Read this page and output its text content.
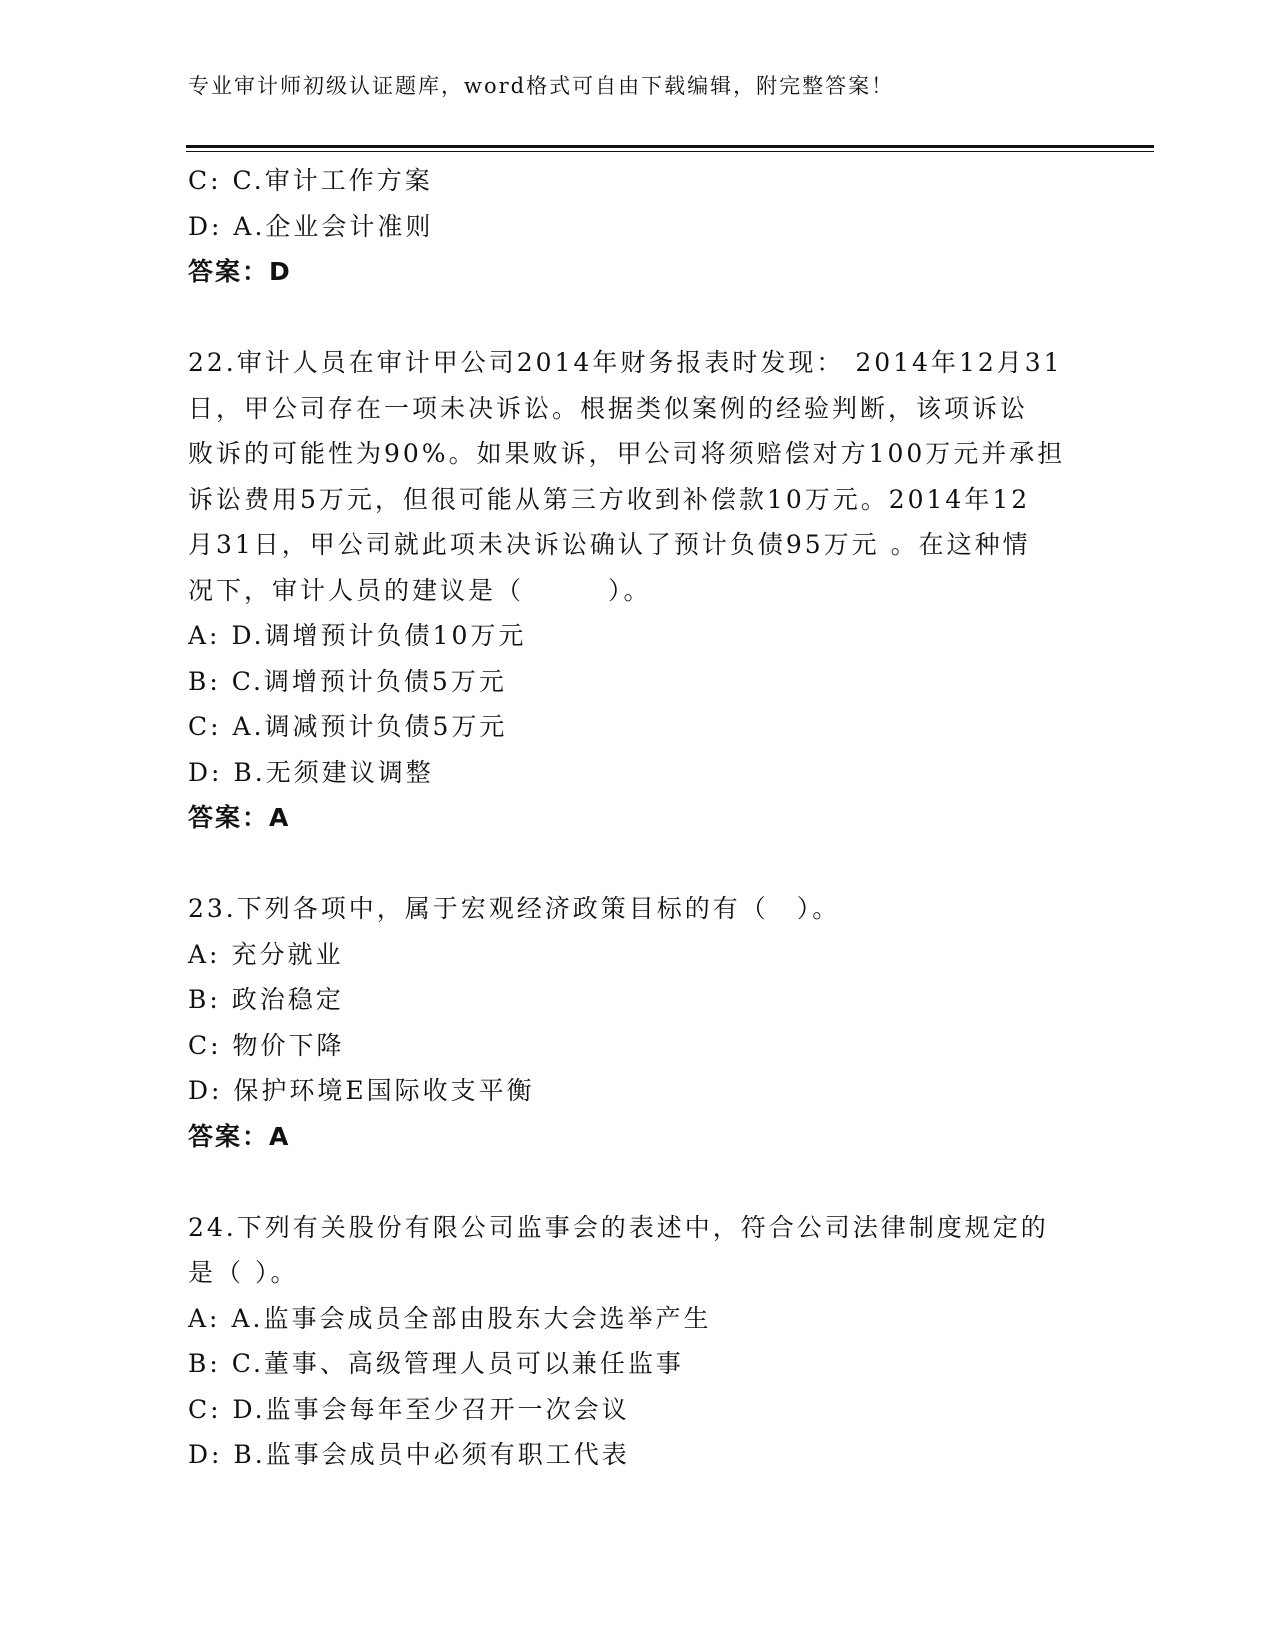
专业审计师初级认证题库，word格式可自由下载编辑，附完整答案！
C: C.审计工作方案
D: A.企业会计准则
答案：D
22.审计人员在审计甲公司2014年财务报表时发现： 2014年12月31
日，甲公司存在一项未决诉讼。根据类似案例的经验判断，该项诉讼
败诉的可能性为90%。如果败诉，甲公司将须赔偿对方100万元并承担
诉讼费用5万元，但很可能从第三方收到补偿款10万元。2014年12
月31日，甲公司就此项未决诉讼确认了预计负债95万元 。在这种情
况下，审计人员的建议是（　　　）。
A: D.调增预计负债10万元
B: C.调增预计负债5万元
C: A.调减预计负债5万元
D: B.无须建议调整
答案：A
23.下列各项中，属于宏观经济政策目标的有（　）。
A: 充分就业
B: 政治稳定
C: 物价下降
D: 保护环境E国际收支平衡
答案：A
24.下列有关股份有限公司监事会的表述中，符合公司法律制度规定的
是（ ）。
A: A.监事会成员全部由股东大会选举产生
B: C.董事、高级管理人员可以兼任监事
C: D.监事会每年至少召开一次会议
D: B.监事会成员中必须有职工代表
